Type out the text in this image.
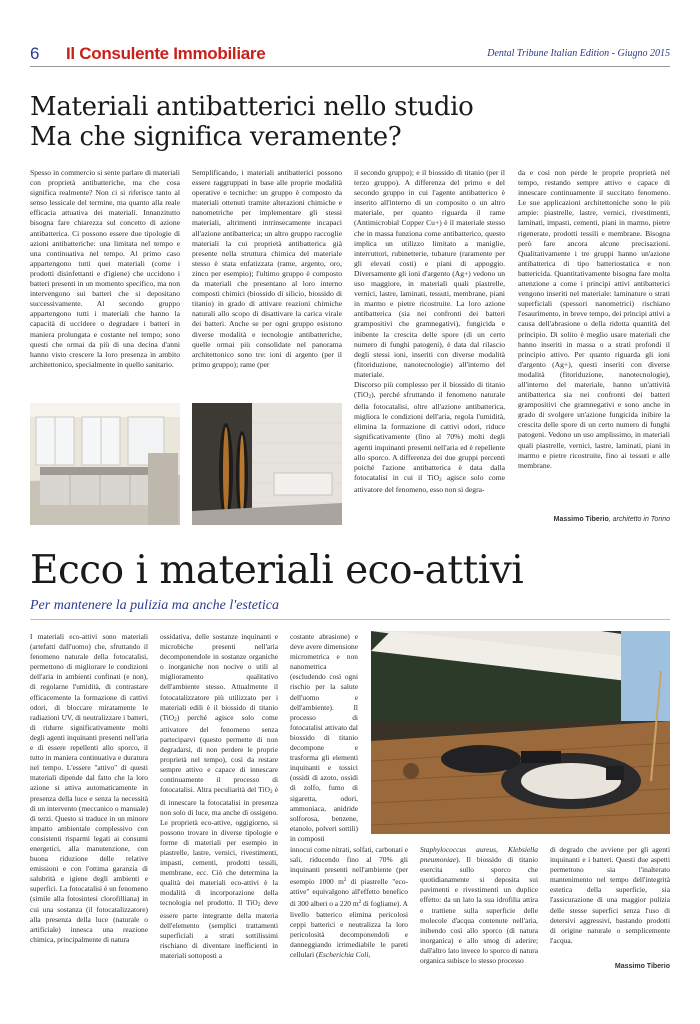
6 Il Consulente Immobiliare	Dental Tribune Italian Edition - Giugno 2015
Materiali antibatterici nello studio
Ma che significa veramente?

Spesso in commercio si sente parlare di materiali con proprietà antibatteriche, ma che cosa significa realmente? Non ci si riferisce tanto al senso lessicale del termine, ma quanto alla reale efficacia attuativa dei materiali. Innanzitutto bisogna fare chiarezza sul concetto di azione antibatterica. Ci possono essere due tipologie di azioni antibatteriche: una limitata nel tempo e una continuativa nel tempo. Al primo caso appartengono tutti quei materiali (come i prodotti disinfettanti e d'igiene) che uccidono i batteri presenti in un momento specifico, ma non intervengono sui batteri che si depositano successivamente. Al secondo gruppo appartengono tutti i materiali che hanno la capacità di uccidere o degradare i batteri in maniera prolungata e costante nel tempo; sono questi che ormai da più di una decina d'anni hanno visto crescere la loro presenza in ambito architettonico, specialmente in quello sanitario.

Semplificando, i materiali antibatterici possono essere raggruppati in base alle proprie modalità operative e tecniche: un gruppo è composto da materiali ottenuti tramite alterazioni chimiche e nanometriche per implementare gli stessi materiali, altrimenti intrinsecamente incapaci all'azione antibatterica; un altro gruppo raccoglie materiali la cui proprietà antibatterica già presente nella struttura chimica del materiale stesso è stata enfatizzata (rame, argento, oro, zinco per esempio); l'ultimo gruppo è composto da materiali che presentano al loro interno composti chimici (biossido di silicio, biossido di titanio) in grado di attivare reazioni chimiche naturali allo scopo di disattivare la carica virale dei batteri. Anche se per ogni gruppo esistono diverse modalità e tecnologie antibatteriche, quelle ormai più consolidate nel panorama architettonico sono tre: ioni di argento (per il primo gruppo); rame (per

il secondo gruppo); e il biossido di titanio (per il terzo gruppo). A differenza del primo e del secondo gruppo in cui l'agente antibatterico è inserito all'interno di un composito o un altro materiale, per quanto riguarda il rame (Antimicrobial Copper Cu+) è il materiale stesso che in massa funziona come antibatterico, questo implica un utilizzo limitato a maniglie, interruttori, rubinetterie, tubature (raramente per gli elevati costi) e piani di appoggio. Diversamente gli ioni d'argento (Ag+) vedono un uso maggiore, in materiali quali piastrelle, vernici, lastre, laminati, tessuti, membrane, piani in marmo e pietre ricostruite. La loro azione antibatterica (sia nei confronti dei batteri grampositivi che gramnegativi), fungicida e inibente la crescita delle spore (di un certo numero di funghi patogeni), è data dal rilascio degli stessi ioni, inseriti con diverse modalità (fitoriduzione, nanotecnologie) all'interno del materiale.

Discorso più complesso per il biossido di titanio (TiO2), perché sfruttando il fenomeno naturale della fotocatalisi, oltre all'azione antibatterica, migliora le condizioni dell'aria, regola l'umidità, elimina la formazione di cattivi odori, riduce significativamente (fino al 70%) molti degli agenti inquinanti presenti nell'aria ed è repellente allo sporco. A differenza dei due gruppi percenti poiché l'azione antibatterica è data dalla fotocatalisi in cui il TiO2 agisce solo come attivatore del fenomeno, esso non si degra-

da e così non perde le proprie proprietà nel tempo, restando sempre attivo e capace di innescare continuamente il succitato fenomeno. Le sue applicazioni architettoniche sono le più ampie: piastrelle, lastre, vernici, rivestimenti, laminati, impasti, cementi, piani in marmo, pietre rigenerate, prodotti tessili e membrane. Bisogna però fare ancora alcune precisazioni. Qualitativamente i tre gruppi hanno un'azione antibatterica di tipo batteriostatica e non battericida. Quantitativamente bisogna fare molta attenzione a come i principi attivi antibatterici vengono inseriti nel materiale: laminature o strati superficiali (spessori nanometrici) rischiano l'esaurimento, in breve tempo, dei principi attivi a causa dell'abrasione o della ridotta quantità del principio. Di solito è meglio usare materiali che hanno inseriti in massa o a strati profondi il principio attivo. Per quanto riguarda gli ioni d'argento (Ag+), questi inseriti con diverse modalità (fitoriduzione, nanotecnologie), all'interno del materiale, hanno un'attività antibatterica sia nei confronti dei batteri grampositivi che gramnegativi e sono anche in grado di svolgere un'azione fungicida inibire la crescita delle spore di un certo numero di funghi patogeni. Vedono un uso amplissimo, in materiali quali piastrelle, vernici, lastre, laminati, piani in marmo e pietre ricostruite, fino ai tessuti e alle membrane.

Massimo Tiberio, architetto in Torino
Ecco i materiali eco-attivi
Per mantenere la pulizia ma anche l'estetica

I materiali eco-attivi sono materiali (artefatti dall'uomo) che, sfruttando il fenomeno naturale della fotocatalisi, permettono di migliorare le condizioni dell'aria in ambienti confinati (e non), di regolarne l'umidità, di contrastare efficacemente la formazione di cattivi odori, di bloccare miratamente le radiazioni UV, di neutralizzare i batteri, di ridurre significativamente molti degli agenti inquinanti presenti nell'aria e di essere repellenti allo sporco, il tutto in maniera continuativa e duratura nel tempo. L'essere "attivo" di questi materiali dipende dal fatto che la loro azione si attiva automaticamente in presenza della luce e senza la necessità di un intervento (meccanico o manuale) di terzi. Questo si traduce in un minore impatto ambientale complessivo con consistenti risparmi legati ai consumi energetici, alla manutenzione, con buona riduzione delle relative emissioni e con l'ottima garanzia di salubrità e igiene degli ambienti e superfici. La fotocatalisi è un fenomeno (simile alla fotosintesi clorofilliana) in cui una sostanza (il fotocatalizzatore) alla presenza della luce (naturale o artificiale) innesca una reazione chimica, principalmente di natura

ossidativa, delle sostanze inquinanti e microbiche presenti nell'aria decomponendole in sostanze organiche o inorganiche non nocive o utili al miglioramento qualitativo dell'ambiente stesso. Attualmente il fotocatalizzatore più utilizzato per i materiali edili è il biossido di titanio (TiO2) perché agisce solo come attivatore del fenomeno senza parteciparvi (questo permette di non degradarsi, di non perdere le proprie proprietà nel tempo), così da restare sempre attivo e capace di innescare continuamente il processo di fotocatalisi. Altra peculiarità del TiO2 è di innescare la fotocatalisi in presenza non solo di luce, ma anche di ossigeno. Le proprietà eco-attive, oggigiorno, si possono trovare in diverse tipologie e forme di materiali per esempio in piastrelle, lastre, vernici, rivestimenti, impasti, cementi, prodotti tessili, membrane, ecc. Ciò che determina la qualità dei materiali eco-attivi è la modalità di incorporazione della tecnologia nel prodotto. Il TiO2 deve essere parte integrante della materia dell'elemento (semplici trattamenti superficiali a strati sottilissimi rischiano di diventare inefficienti in materiali sottoposti a

costante abrasione) e deve avere dimensione micrometrica e non nanometrica (escludendo così ogni rischio per la salute dell'uomo e dell'ambiente). Il processo di fotocatalisi attivato dal biossido di titanio decompone e trasforma gli elementi inquinanti e tossici (ossidi di azoto, ossidi di zolfo, fumo di sigaretta, odori, ammoniaca, anidride solforosa, benzene, etanolo, polveri sottili) in composti

innocui come nitrati, solfati, carbonati e sali, riducendo fino al 70% gli inquinanti presenti nell'ambiente (per esempio 1000 $m^2$ di piastrelle "eco-attive" equivalgono all'effetto benefico di 300 alberi o a 220 $m^2$ di fogliame). A livello batterico elimina pericolosi ceppi batterici e neutralizza la loro pericolosità decomponendoli e danneggiando irrimediabile le pareti cellulari (Escherichia Coli,

Staphylococcus aureus, Klebsiella pneumoniae). Il biossido di titanio esercita sullo sporco che quotidianamente si deposita sui pavimenti e rivestimenti un duplice effetto: da un lato la sua idrofilia attira e trattiene sulla superficie delle molecole d'acqua contenute nell'aria, inibendo così allo sporco (di natura inorganica) e allo smog di aderire; dall'altro lato invece lo sporco di natura organica subisce lo stesso processo

di degrado che avviene per gli agenti inquinanti e i batteri. Questi due aspetti permettono sia l'inalterato mantenimento nel tempo dell'integrità estetica della superficie, sia l'assicurazione di una maggior pulizia delle stesse superfici senza l'uso di detersivi aggressivi, bastando prodotti di origine naturale o semplicemente l'acqua.

Massimo Tiberio
